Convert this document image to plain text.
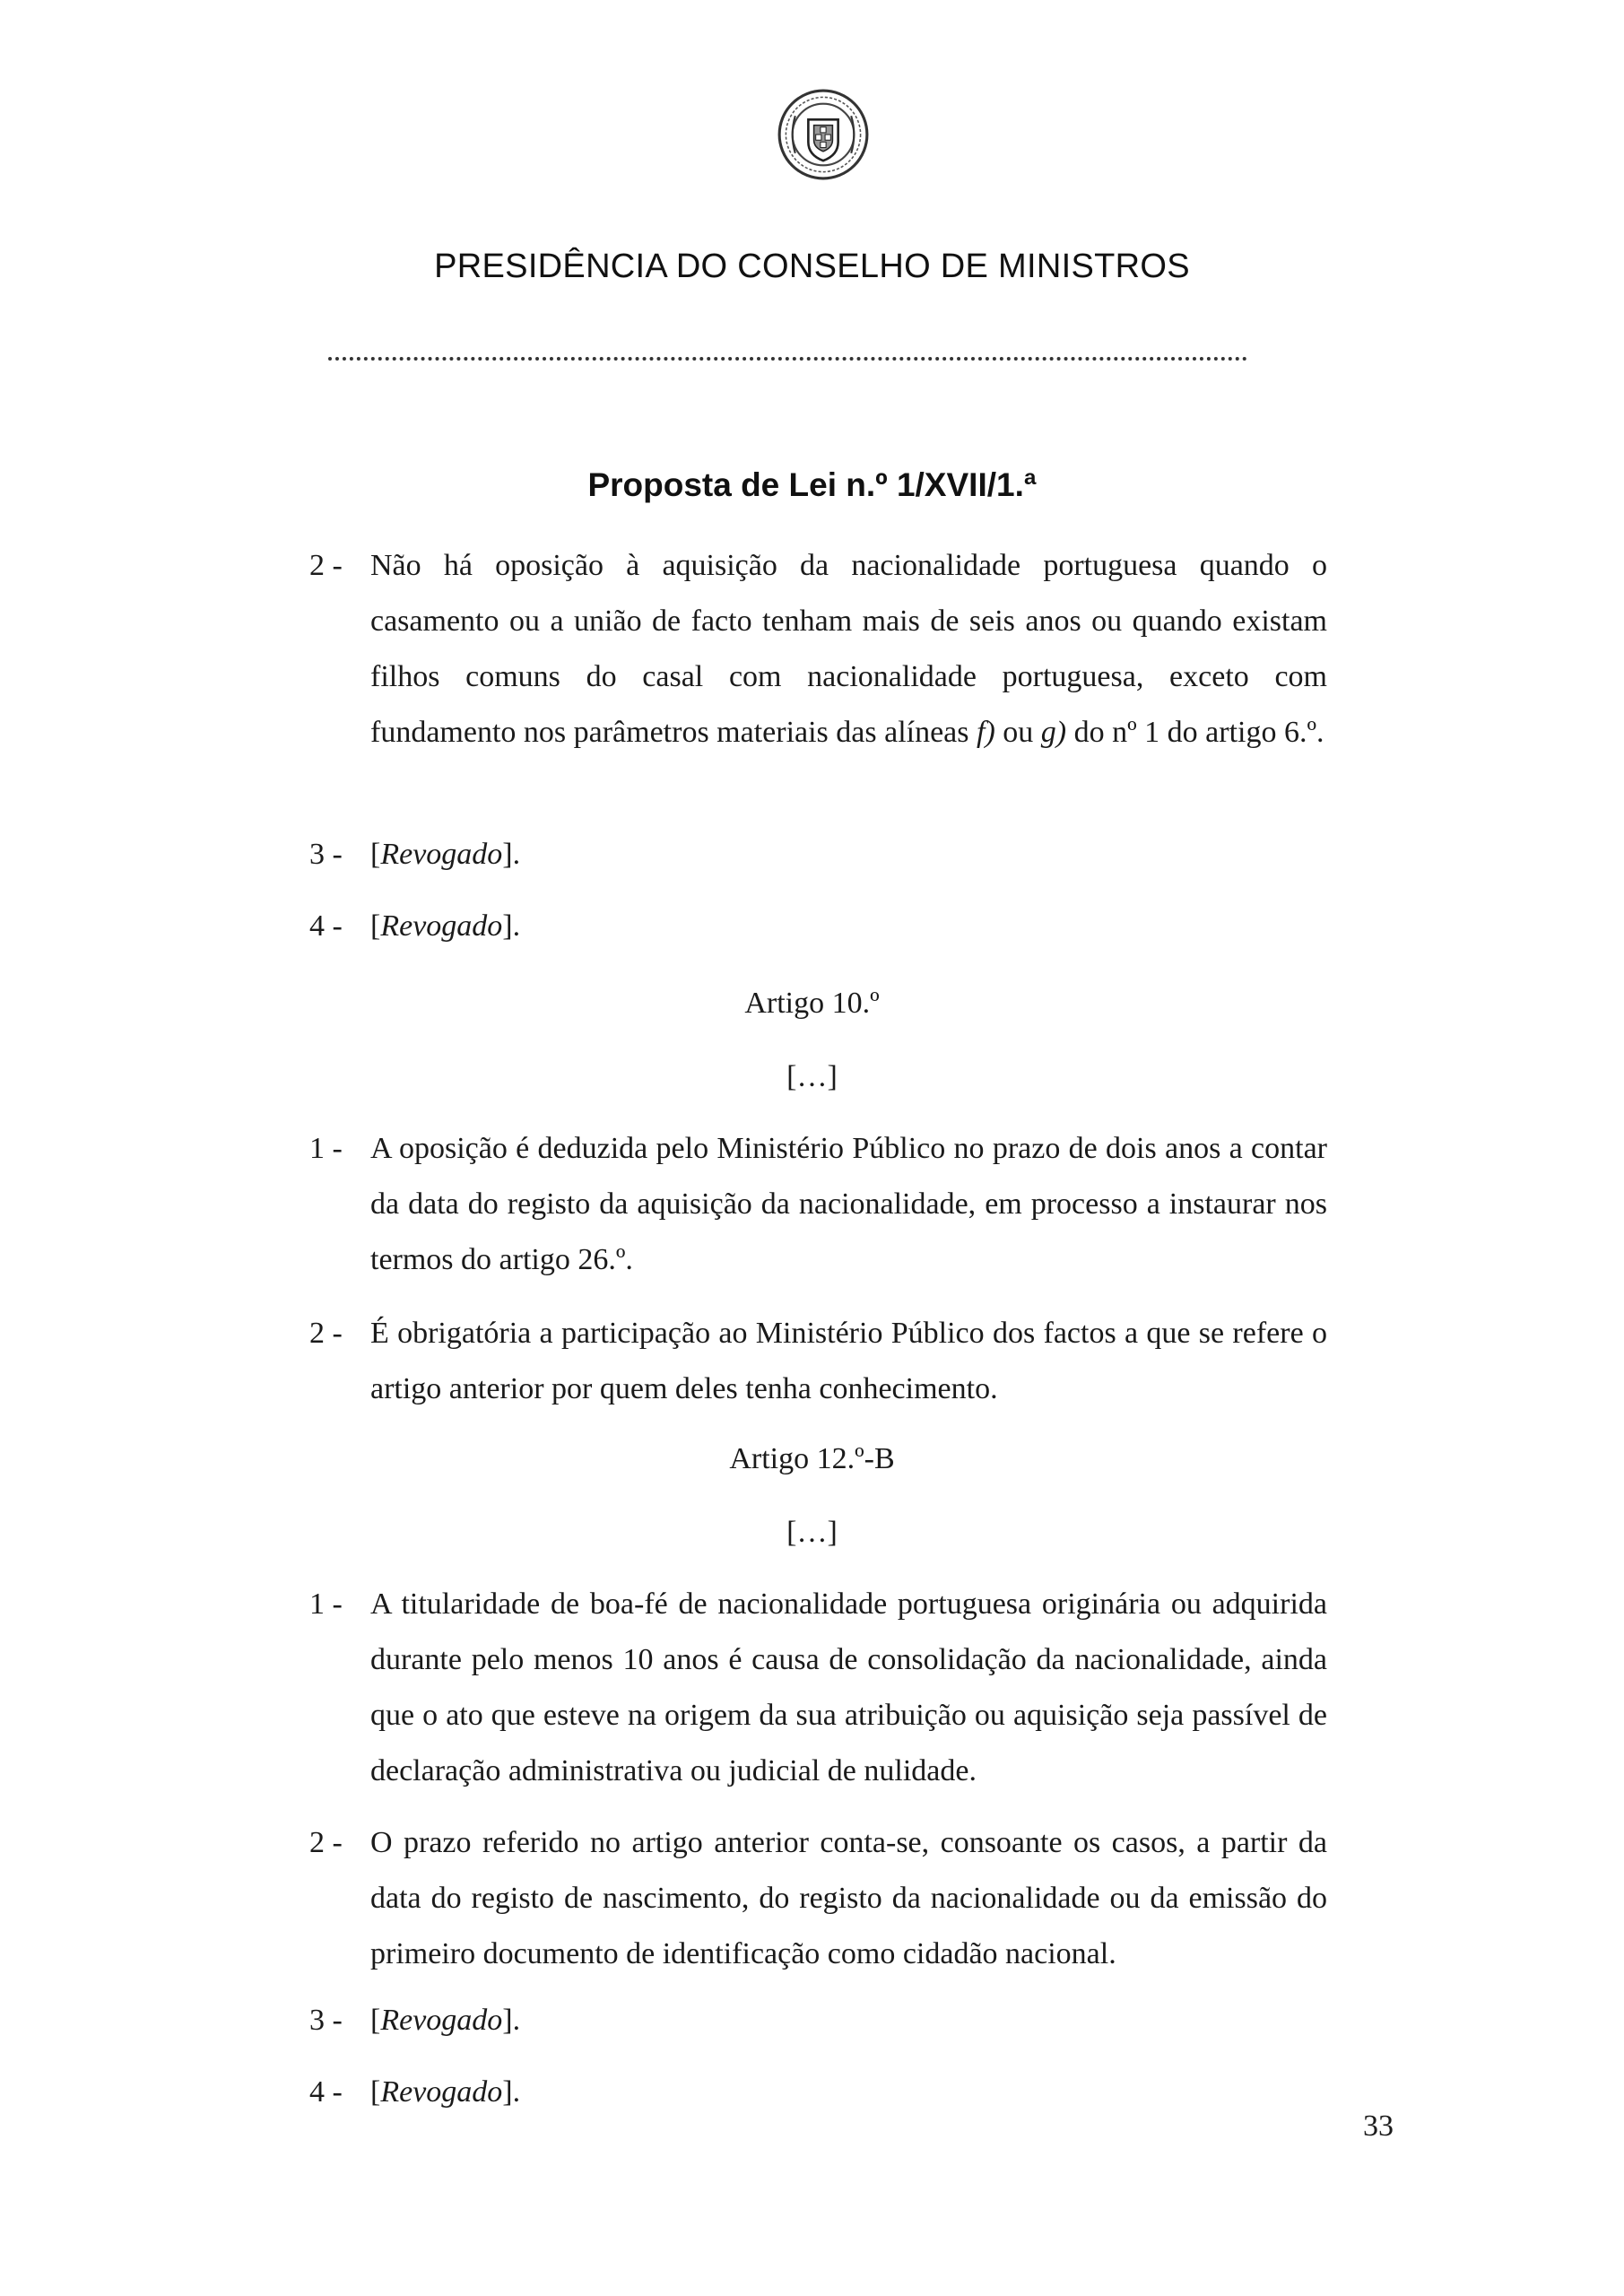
PRESIDÊNCIA DO CONSELHO DE MINISTROS
Proposta de Lei n.º 1/XVII/1.ª
2 - Não há oposição à aquisição da nacionalidade portuguesa quando o casamento ou a união de facto tenham mais de seis anos ou quando existam filhos comuns do casal com nacionalidade portuguesa, exceto com fundamento nos parâmetros materiais das alíneas f) ou g) do nº 1 do artigo 6.º.
3 - [Revogado].
4 - [Revogado].
Artigo 10.º
[…]
1 - A oposição é deduzida pelo Ministério Público no prazo de dois anos a contar da data do registo da aquisição da nacionalidade, em processo a instaurar nos termos do artigo 26.º.
2 - É obrigatória a participação ao Ministério Público dos factos a que se refere o artigo anterior por quem deles tenha conhecimento.
Artigo 12.º-B
[…]
1 - A titularidade de boa-fé de nacionalidade portuguesa originária ou adquirida durante pelo menos 10 anos é causa de consolidação da nacionalidade, ainda que o ato que esteve na origem da sua atribuição ou aquisição seja passível de declaração administrativa ou judicial de nulidade.
2 - O prazo referido no artigo anterior conta-se, consoante os casos, a partir da data do registo de nascimento, do registo da nacionalidade ou da emissão do primeiro documento de identificação como cidadão nacional.
3 - [Revogado].
4 - [Revogado].
33
